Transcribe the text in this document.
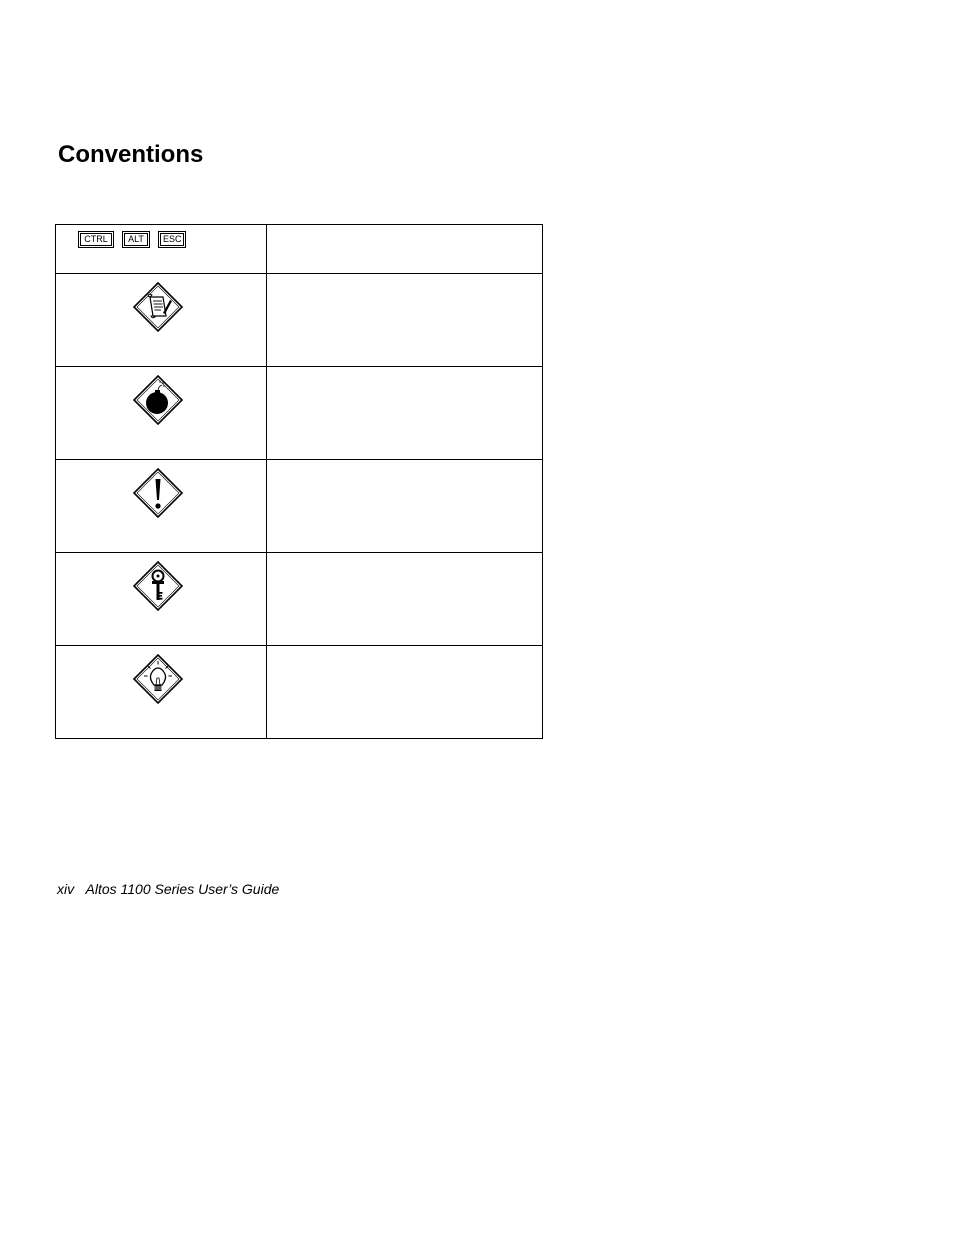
Conventions
CTRL ALT ESC	

xiv Altos 1100 Series User’s Guide
